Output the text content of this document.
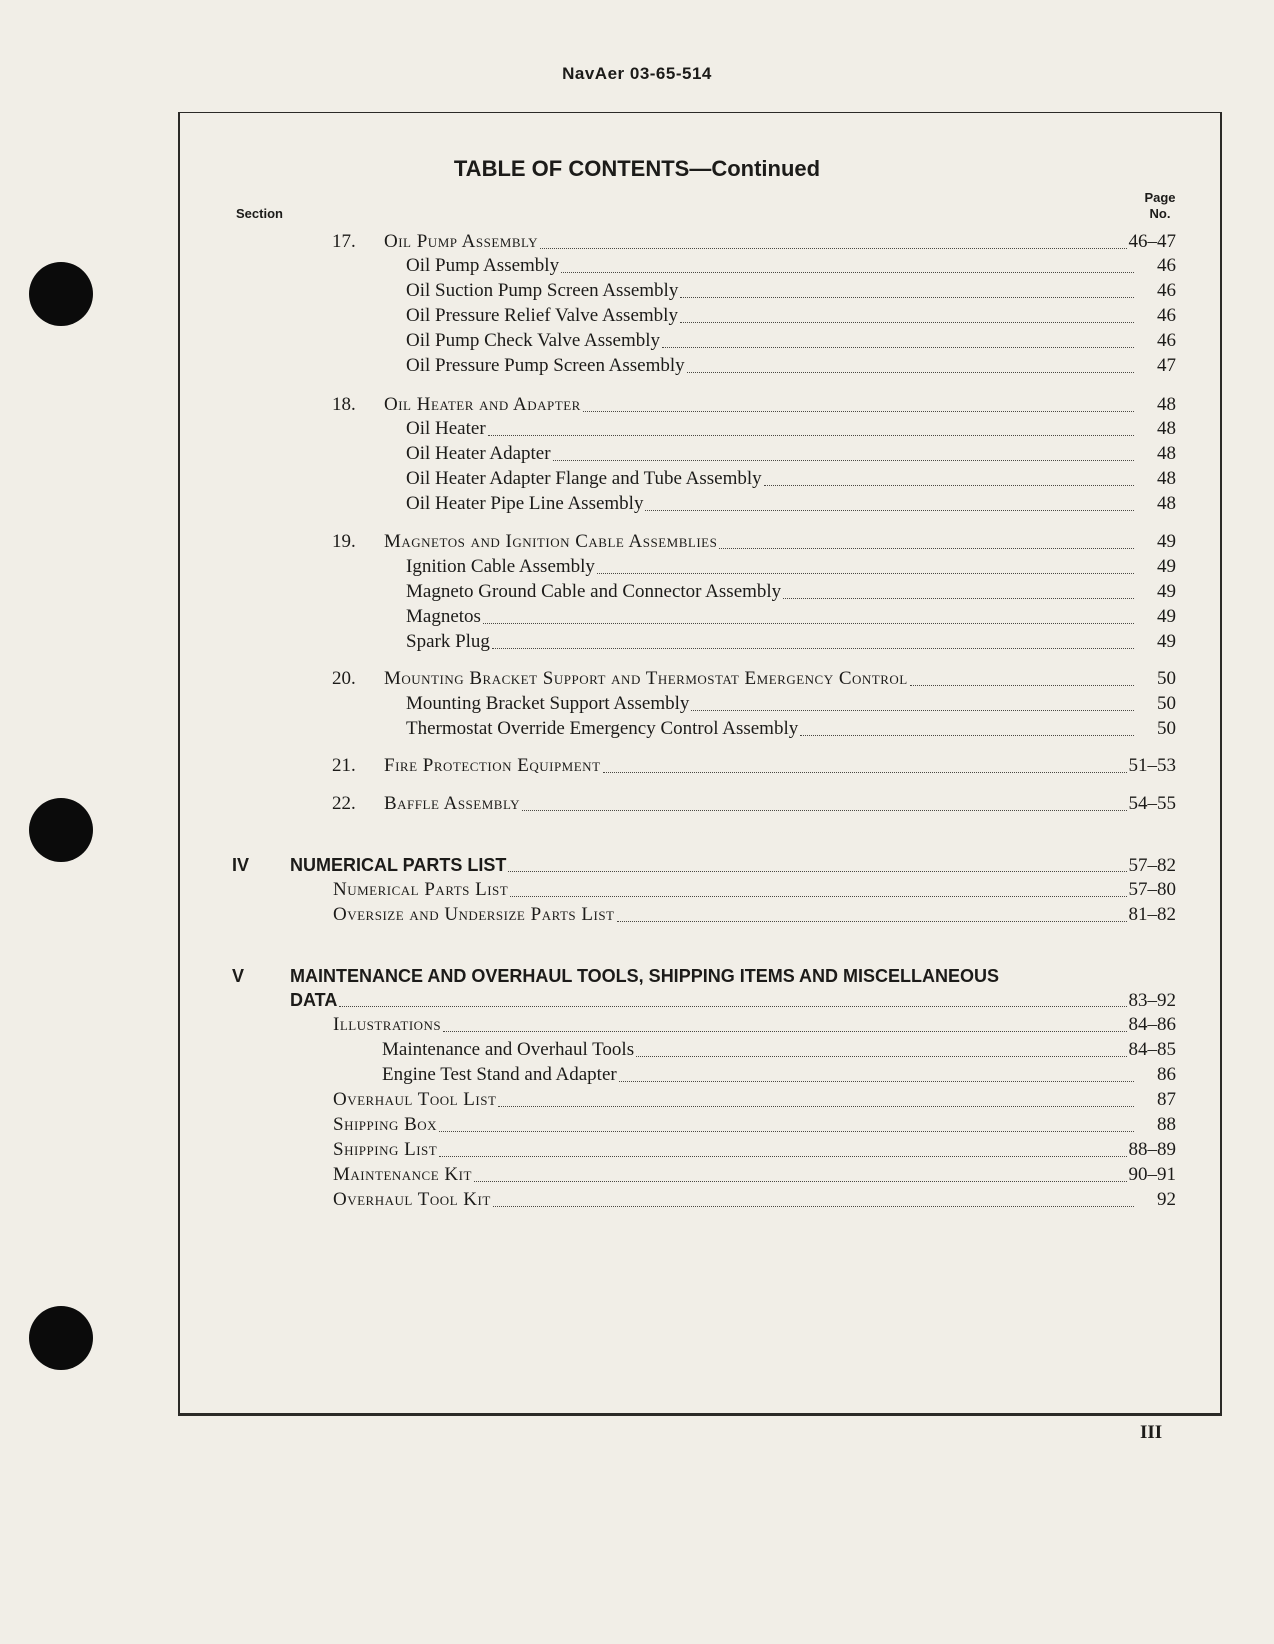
NavAer 03-65-514
TABLE OF CONTENTS—Continued
Section
Page
No.
17. Oil Pump Assembly	46–47
Oil Pump Assembly	46
Oil Suction Pump Screen Assembly	46
Oil Pressure Relief Valve Assembly	46
Oil Pump Check Valve Assembly	46
Oil Pressure Pump Screen Assembly	47
18. Oil Heater and Adapter	48
Oil Heater	48
Oil Heater Adapter	48
Oil Heater Adapter Flange and Tube Assembly	48
Oil Heater Pipe Line Assembly	48
19. Magnetos and Ignition Cable Assemblies	49
Ignition Cable Assembly	49
Magneto Ground Cable and Connector Assembly	49
Magnetos	49
Spark Plug	49
20. Mounting Bracket Support and Thermostat Emergency Control	50
Mounting Bracket Support Assembly	50
Thermostat Override Emergency Control Assembly	50
21. Fire Protection Equipment	51–53
22. Baffle Assembly	54–55
IV NUMERICAL PARTS LIST	57–82
Numerical Parts List	57–80
Oversize and Undersize Parts List	81–82
V	MAINTENANCE AND OVERHAUL TOOLS, SHIPPING ITEMS AND MISCELLANEOUS
DATA	83–92
Illustrations	84–86
Maintenance and Overhaul Tools	84–85
Engine Test Stand and Adapter	86
Overhaul Tool List	87
Shipping Box	88
Shipping List	88–89
Maintenance Kit	90–91
Overhaul Tool Kit	92
III
